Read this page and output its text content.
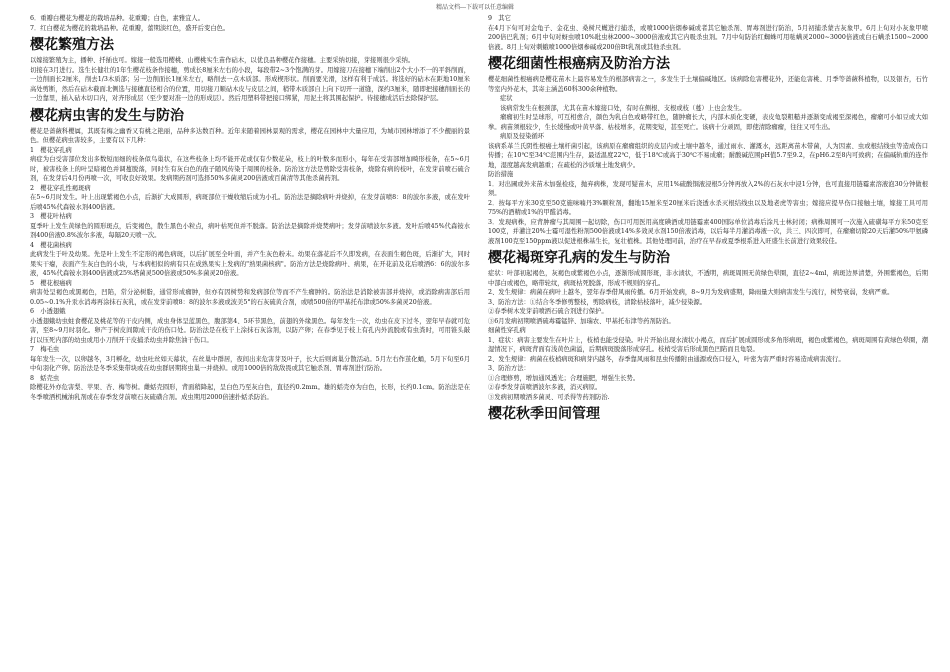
精品文档---下载可以任意编辑

6．重瓣白樱花为樱花的栽培品种。花重瓣；白色，素雅宜人。

7．红白樱花为樱花的栽培品种。花重瓣，蕾期淡红色，盛开后变白色。

樱花繁殖方法

以嫁接繁殖为主，播种、扦插也可。嫁接一般选用樱桃、山樱桃实生苗作砧木，以优良品种樱花作接穗。主要采纳切接，芽接则很少采纳。

切接在3月进行。选生长健壮的1年生樱花枝条作接穗，剪成长8厘米左右的小段，每段带2~3个饱满的芽。用嫁接刀在接穗下端削出2个大小不一的平斜削面，一边削面长2厘米，削去1/3木质部；另一边削面长1厘米左右，略削去一点木质部。形成楔形状。削面要光滑，这样有利于成活。将选好的砧木在距地10厘米高处剪断，然后在砧木截面北侧选与接穗直径相合的位置，用切接刀顺砧木皮与皮层之间，稍带木质部自上向下切开一道缝，深约3厘米，随即把接穗削面长的一边靠里，插入砧木切口内，对齐形成层（至少要对准一边的形成层）。然后用塑料带把接口绑紧，用泥土将其围起保护。待接穗成活后去除保护层。

樱花病虫害的发生与防治

樱花是蔷薇科樱属，其既有梅之幽香又有桃之艳丽，品种多达数百种。近年来随着园林景观的需求，樱花在园林中大量应用，为城市园林增添了不少靓丽的景色。但樱花病虫害较多，主要有以下几种：

1　樱花穿孔病

病症为白受害部位发出多数短而细的枝条似鸟巢状，在这些枝条上均不能开花或仅有少数花朵，枝上的叶数多而形小，每年在受害部增加畸形枝条，在5~6月时，被害枝条上的叶呈暗褐色并调蔓脱落，同时生有灰白色的孢子随风传染于周围的枝条。防治这方法是剪除受害枝条，烧除有病的枝叶，在发芽前喷石硫合剂，在发芽后4月份再喷一次，可收良好效果。发病期药剂可选择50%多菌灵200倍液或百菌清等其他杀菌药剂。

2　樱花穿孔性褐斑病

在5~6月时发生。叶上出现紫褐色小点，后渐扩大成圆形，病斑部位干燥收缩后成为小孔。防治法是摘除病叶并烧掉，在发芽前喷8：8的波尔多液，或在发叶后喷45%代森铵水剂400倍液。

3　樱花叶枯病

夏季叶上发生黄绿色的圆形斑点，后变褐色，散生黑色小粒点，病叶枯死但并不脱落。防治法是摘除并烧焚病叶；发芽前喷波尔多液。发叶后喷45%代森铵水剂400倍液0.8%波尔多液，每隔20天喷一次。

4　樱花菌核病

此病发生于叶及幼果。先是叶上发生不定形的褐色病斑，以后扩展至全叶面，并产生灰色粉末。幼果在落花后不久即发病，在表面生褐色斑，后渐扩大，同时果实干瘪，表面产生灰白色的小块，与本病相似的病有只在成熟果实上发病的"熟果菌核病"。防治方法是烧除病叶、病果，在开花前及花后喷洒6：6的波尔多液，45%代森铵水剂400倍液或25%塔菌灵500倍液或50%多菌灵20倍液。

5　樱花根癌病

病害处呈褐色或黑褐色，凹陷，常分泌树脂，通常形成瘤肿，但亦有因树势和发病部位等而不产生瘤肿的。防治法是消除被害部并烧掉，或消除病害部后用0.05~0.1%升汞水消毒再涂抹石灰乳，或在发芽前喷8：8的波尔多液或波美5°的石灰硫黄合剂，或喷500倍的甲基托布津或50%多菌灵20倍液。

6　小透翅蛾

小透翅蛾幼虫蛀食樱花及桃花等的干皮内侧，成虫身体呈蓝黑色，腹部第4、5环节黑色，前翅的外缘黑色。每年发生一次，幼虫在皮下过冬，翌年早春就可危害，至8~9月时羽化。卵产于树皮间隙成干皮的伤口处。防治法是在枝干上涂抹石灰涂剂，以防产卵；在春季见于枝上有孔内外流脱或有虫粪时，可用锥头敲打以压死内部的幼虫或用小刀削开干皮捕杀幼虫并除焦油干伤口。

7　梅毛虫

每年发生一次，以卵越冬，3月孵化，幼虫吐丝如天幕状，在丝巢中群居，夜间出来危害芽及叶子，长大后则离巢分散活动。5月左右作茧化蛹，5月下旬至6月中旬羽化产卵。防治法是冬季采集带块或在幼虫群居期将虫巢一并烧掉。或用1000倍的敌敌畏或其它触杀剂、胃毒剂进行防治。

8　蛞壳虫

除樱花外亦危害梨、苹果、杏、梅等树。雌蛞壳圆形，背面稍降起，呈白色乃至灰白色，直径约0.2mm。雄的蛞壳亦为白色，长形，长约0.1cm。防治法是在冬季喷洒机械油乳剂或在春季发芽前喷石灰硫磺合剂。成虫期用2000倍速扑蛞杀防治。

9　其它

在4月下旬可对金龟子、金花虫、桑树尺蠖进行捕杀，或喷1000倍烟参碱或者其它触杀剂、胃毒剂进行防治，5月初捕杀蒙古灰象甲。6月上旬对小灰象甲喷200倍巴乳剂；6月中旬对蚜虫喷10%吡虫林2000~3000倍液或其它内吸杀虫剂。7月中旬防治红蜘蛛可用哒螨灵2000~3000倍液或白石螨杀1500~2000倍液。8月上旬对刺蛾喷1000倍烟参碱或200倍Bt乳剂或其他杀虫剂。

樱花细菌性根癌病及防治方法

樱花细菌性根癌病是樱花苗木上最容易发生的根部病害之一，多发生于土壤偏碱地区。该病除危害樱花外，还能危害桃、月季等蔷薇科植物，以及银杏，石竹等室内外花木，其寄主涵盖60科300余种植物。

症状

该病常发生在根颈部，尤其在苗木嫁接口处，有时在侧根、支根或枝（蔓）上也会发生。

瘤瘤初生时呈球形，可互相愈合，颜色为乳白色或略带红色，随肿瘤长大，内部木质化变硬，表皮龟裂粗糙并逐渐变成褐至深褐色，瘤瘤可小如豆或大如拳。病苗须根较少，生长缓慢或叶黄早落、枯枝增多，花期变短，甚至死亡。该病十分顽固，即使清除瘤瘤，往往又可生出。

病原及侵染循环

该病系革兰氏阴性根癌土壤杆菌引起，该病原在瘤瘤组织的皮层内或土壤中越冬，通过雨水、灌溉水，远距离苗木带菌，人为因素、虫或根结线虫等造成伤口传播；在10℃至34℃范围内生存，最适温度22℃，低于18℃或高于30℃不易成瘤；耐酸碱范围pH值5.7至9.2，在pH6.2至8内可致病；在偏碱轨重的连作地，湿度越高发病越重；在疏松的沙质壤土地发病少。

防治措施

1．对出圃或外来苗木加强检疫，抛弃病株，发现可疑苗木，应用1%硫酸铜液浸根5分钟再放入2%的石灰水中浸1分钟，也可直接用链霉素溶液泡30分钟做根须。

2．按每平方米30克至50克施味喃丹3%颗粒剂，翻地15厘米至20厘米后浇透水杀灭根结线虫以及地老虎等害虫；嫁接应提早伤口接触土壤，嫁接工具可用75%的酒精或1%的甲醛消毒。

3．发现病株，应背肿瘤与其周围一起切除，伤口可用医用高度碘酒或用链霉素400国际单位消毒后涂凡士林封闭；病株周围可一次施入硫磺每平方米50克至100克，并灌注20%士霉可湿性粉剂500倍液或14%多效灵水剂150倍液消毒，以后每半月灌消毒液一次，共三、四次即可，在瘤瘤切除20天后灌50%甲氨磷液剂100克至150ppm液以促进根株基生长，复壮植株。其他处理同前，治疗在早春或夏季根系进入旺盛生长前进行效果较佳。

樱花褐斑穿孔病的发生与防治

症状：叶部初起褐色，灰褐色或紫褐色小点，逐渐形成圆形斑，非水渍状，不透明，病斑周围无黄绿色晕圈，直径2~4ml，病斑边界清楚，外围紫褐色，后期中部白或褐色，略带轮纹，病斑枯死脱落，形成不规则的穿孔。

2、发生规律：病菌在病叶上越冬，翌年春季借风雨传播。6月开始发病，8~9月为发病盛期，降雨量大则病害发生与流行，树势衰弱，发病严重。

3、防治方法：①结合冬季修剪整枝，剪除病枝，清除枯枝落叶，减少侵染源。

②春季树木发芽前喷洒石硫合剂进行保护。

③6月发病初期喷洒硫毒霉锰锌、加瑞农、甲基托布津等药剂防治。

细菌性穿孔病

1、症状：病害主要发生在叶片上，枝梢也能受侵染。叶片开始出现水渍状小褐点，而后扩展成圆形或多角形病斑，褐色或紫褐色，病斑周围有黄绿色晕圈，潮湿情况下，病斑背面有浅黄色菌溢，后期病斑脱落形成穿孔。枝梢受害后形成黑色凹陷而且龟裂。

2、发生规律：病菌在枝梢病斑和病芽内越冬，春季靠风雨和昆虫传播附由通源或伤口侵入，叶密为害严重时容易造成病害流行。

3、防治方法：

①合理修剪，增加通风透光；合理施肥，增强生长势。

②春季发芽前喷洒波尔多液，消灭病原。

③发病初期喷洒多菌灵、可杀得等药剂防治.

樱花秋季田间管理
